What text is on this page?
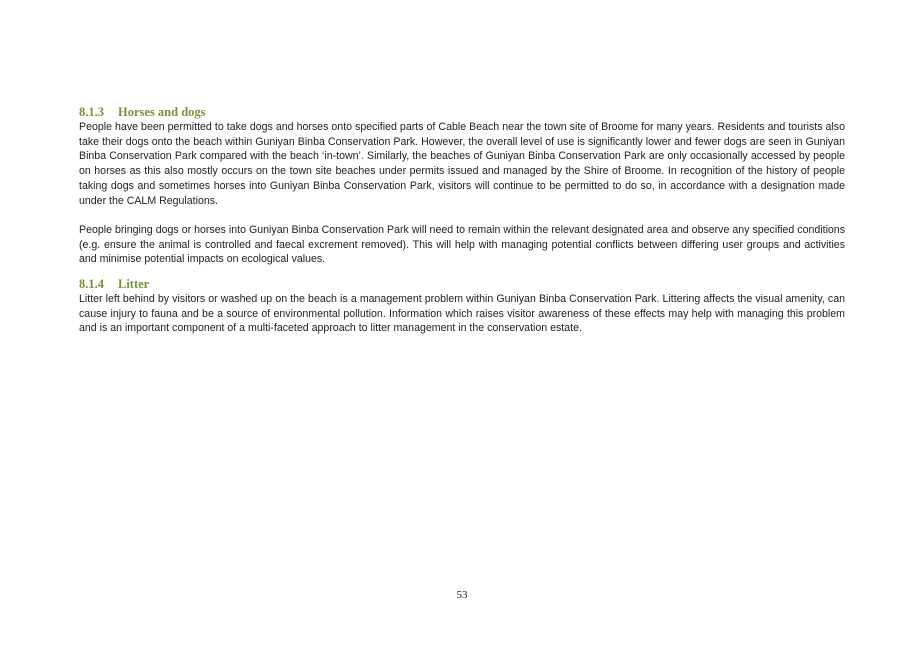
8.1.3 Horses and dogs

People have been permitted to take dogs and horses onto specified parts of Cable Beach near the town site of Broome for many years. Residents and tourists also take their dogs onto the beach within Guniyan Binba Conservation Park. However, the overall level of use is significantly lower and fewer dogs are seen in Guniyan Binba Conservation Park compared with the beach ‘in-town’. Similarly, the beaches of Guniyan Binba Conservation Park are only occasionally accessed by people on horses as this also mostly occurs on the town site beaches under permits issued and managed by the Shire of Broome. In recognition of the history of people taking dogs and sometimes horses into Guniyan Binba Conservation Park, visitors will continue to be permitted to do so, in accordance with a designation made under the CALM Regulations.

People bringing dogs or horses into Guniyan Binba Conservation Park will need to remain within the relevant designated area and observe any specified conditions (e.g. ensure the animal is controlled and faecal excrement removed). This will help with managing potential conflicts between differing user groups and activities and minimise potential impacts on ecological values.

8.1.4 Litter

Litter left behind by visitors or washed up on the beach is a management problem within Guniyan Binba Conservation Park. Littering affects the visual amenity, can cause injury to fauna and be a source of environmental pollution. Information which raises visitor awareness of these effects may help with managing this problem and is an important component of a multi-faceted approach to litter management in the conservation estate.

53
